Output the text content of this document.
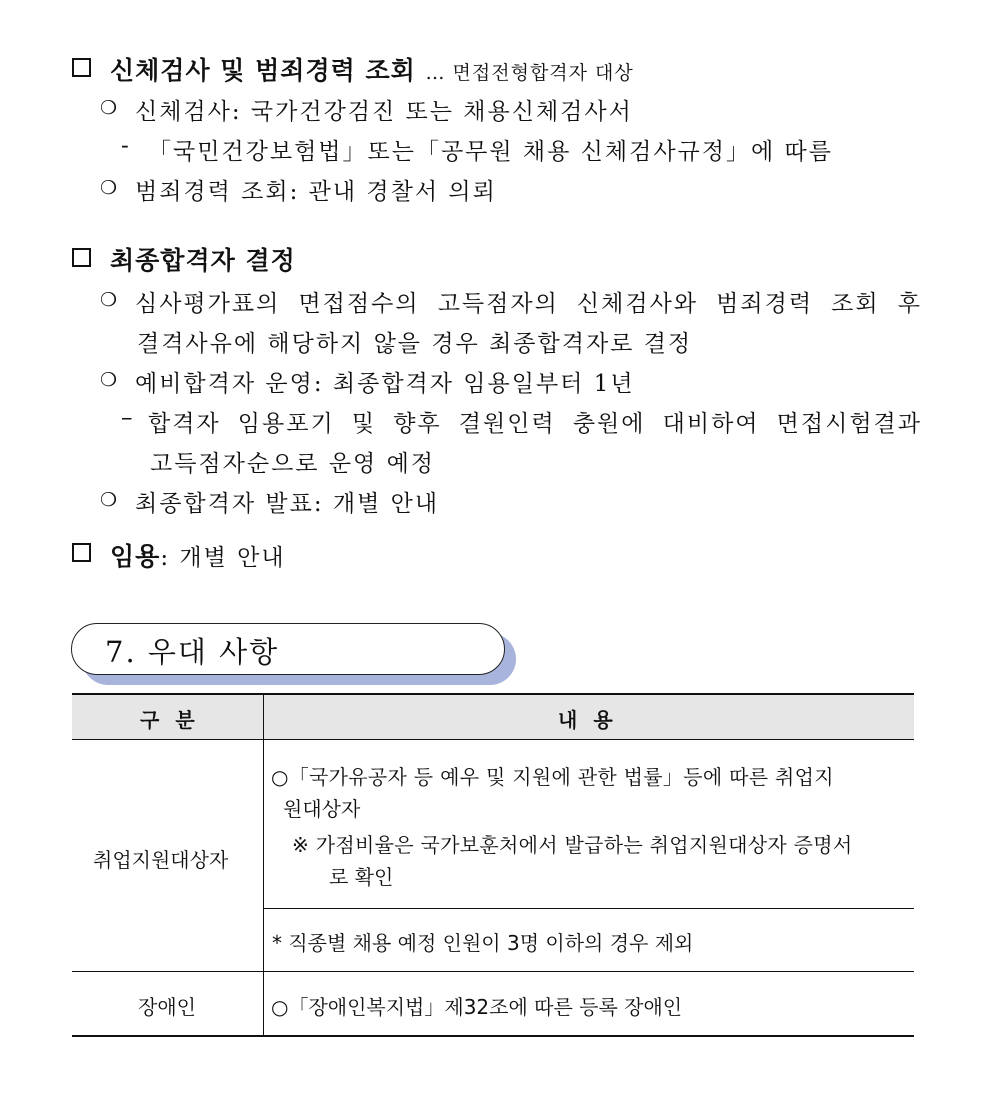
신체검사 및 범죄경력 조회 … 면접전형합격자 대상
❍ 신체검사: 국가건강검진 또는 채용신체검사서
- 「국민건강보험법」또는「공무원 채용 신체검사규정」에 따름
❍ 범죄경력 조회: 관내 경찰서 의뢰
최종합격자 결정
❍ 심사평가표의 면접점수의 고득점자의 신체검사와 범죄경력 조회 후
결격사유에 해당하지 않을 경우 최종합격자로 결정
❍ 예비합격자 운영: 최종합격자 임용일부터 1년
– 합격자 임용포기 및 향후 결원인력 충원에 대비하여 면접시험결과
고득점자순으로 운영 예정
❍ 최종합격자 발표: 개별 안내
임용: 개별 안내
7. 우대 사항
구분	내용
취업지원대상자
○「국가유공자 등 예우 및 지원에 관한 법률」등에 따른 취업지
원대상자
※ 가점비율은 국가보훈처에서 발급하는 취업지원대상자 증명서
로 확인
* 직종별 채용 예정 인원이 3명 이하의 경우 제외
장애인	○「장애인복지법」제32조에 따른 등록 장애인
